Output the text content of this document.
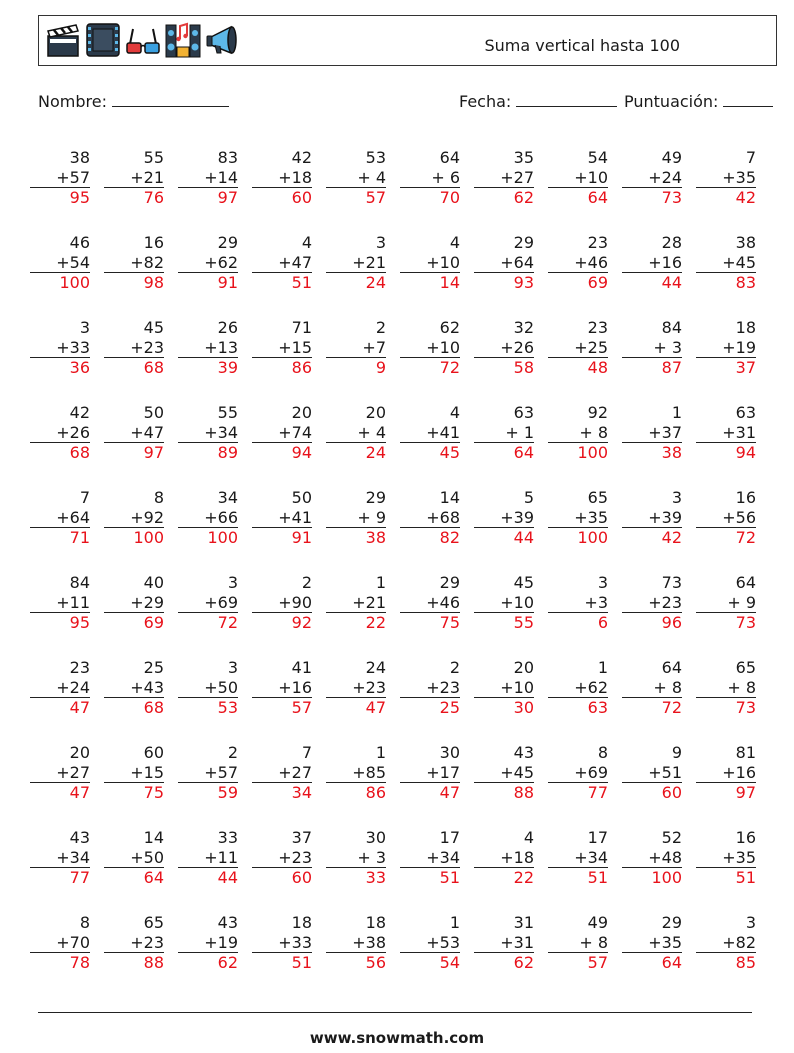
Suma vertical hasta 100
Nombre:	Fecha:	Puntuación:
38
+57
95
55
+21
76
83
+14
97
42
+18
60
53
+ 4
57
64
+ 6
70
35
+27
62
54
+10
64
49
+24
73
7
+35
42
46
+54
100
16
+82
98
29
+62
91
4
+47
51
3
+21
24
4
+10
14
29
+64
93
23
+46
69
28
+16
44
38
+45
83
3
+33
36
45
+23
68
26
+13
39
71
+15
86
2
+7
9
62
+10
72
32
+26
58
23
+25
48
84
+ 3
87
18
+19
37
42
+26
68
50
+47
97
55
+34
89
20
+74
94
20
+ 4
24
4
+41
45
63
+ 1
64
92
+ 8
100
1
+37
38
63
+31
94
7
+64
71
8
+92
100
34
+66
100
50
+41
91
29
+ 9
38
14
+68
82
5
+39
44
65
+35
100
3
+39
42
16
+56
72
84
+11
95
40
+29
69
3
+69
72
2
+90
92
1
+21
22
29
+46
75
45
+10
55
3
+3
6
73
+23
96
64
+ 9
73
23
+24
47
25
+43
68
3
+50
53
41
+16
57
24
+23
47
2
+23
25
20
+10
30
1
+62
63
64
+ 8
72
65
+ 8
73
20
+27
47
60
+15
75
2
+57
59
7
+27
34
1
+85
86
30
+17
47
43
+45
88
8
+69
77
9
+51
60
81
+16
97
43
+34
77
14
+50
64
33
+11
44
37
+23
60
30
+ 3
33
17
+34
51
4
+18
22
17
+34
51
52
+48
100
16
+35
51
8
+70
78
65
+23
88
43
+19
62
18
+33
51
18
+38
56
1
+53
54
31
+31
62
49
+ 8
57
29
+35
64
3
+82
85
www.snowmath.com
